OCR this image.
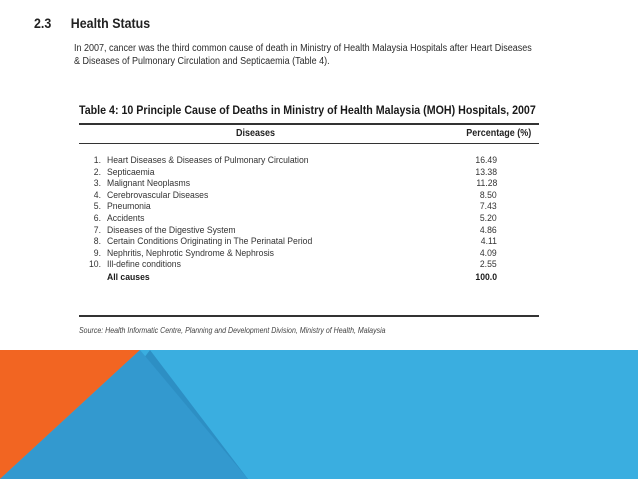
2.3 Health Status

In 2007, cancer was the third common cause of death in Ministry of Health Malaysia Hospitals after Heart Diseases

& Diseases of Pulmonary Circulation and Septicaemia (Table 4).

Table 4: 10 Principle Cause of Deaths in Ministry of Health Malaysia (MOH) Hospitals, 2007
Diseases	Percentage (%)
1. Heart Diseases & Diseases of Pulmonary Circulation	16.49
2. Septicaemia	13.38
3. Malignant Neoplasms	11.28
4. Cerebrovascular Diseases	8.50
5. Pneumonia	7.43
6. Accidents	5.20
7. Diseases of the Digestive System	4.86
8. Certain Conditions Originating in The Perinatal Period	4.11
9. Nephritis, Nephrotic Syndrome & Nephrosis	4.09
10. Ill-define conditions	2.55
All causes	100.0
Source: Health Informatic Centre, Planning and Development Division, Ministry of Health, Malaysia
